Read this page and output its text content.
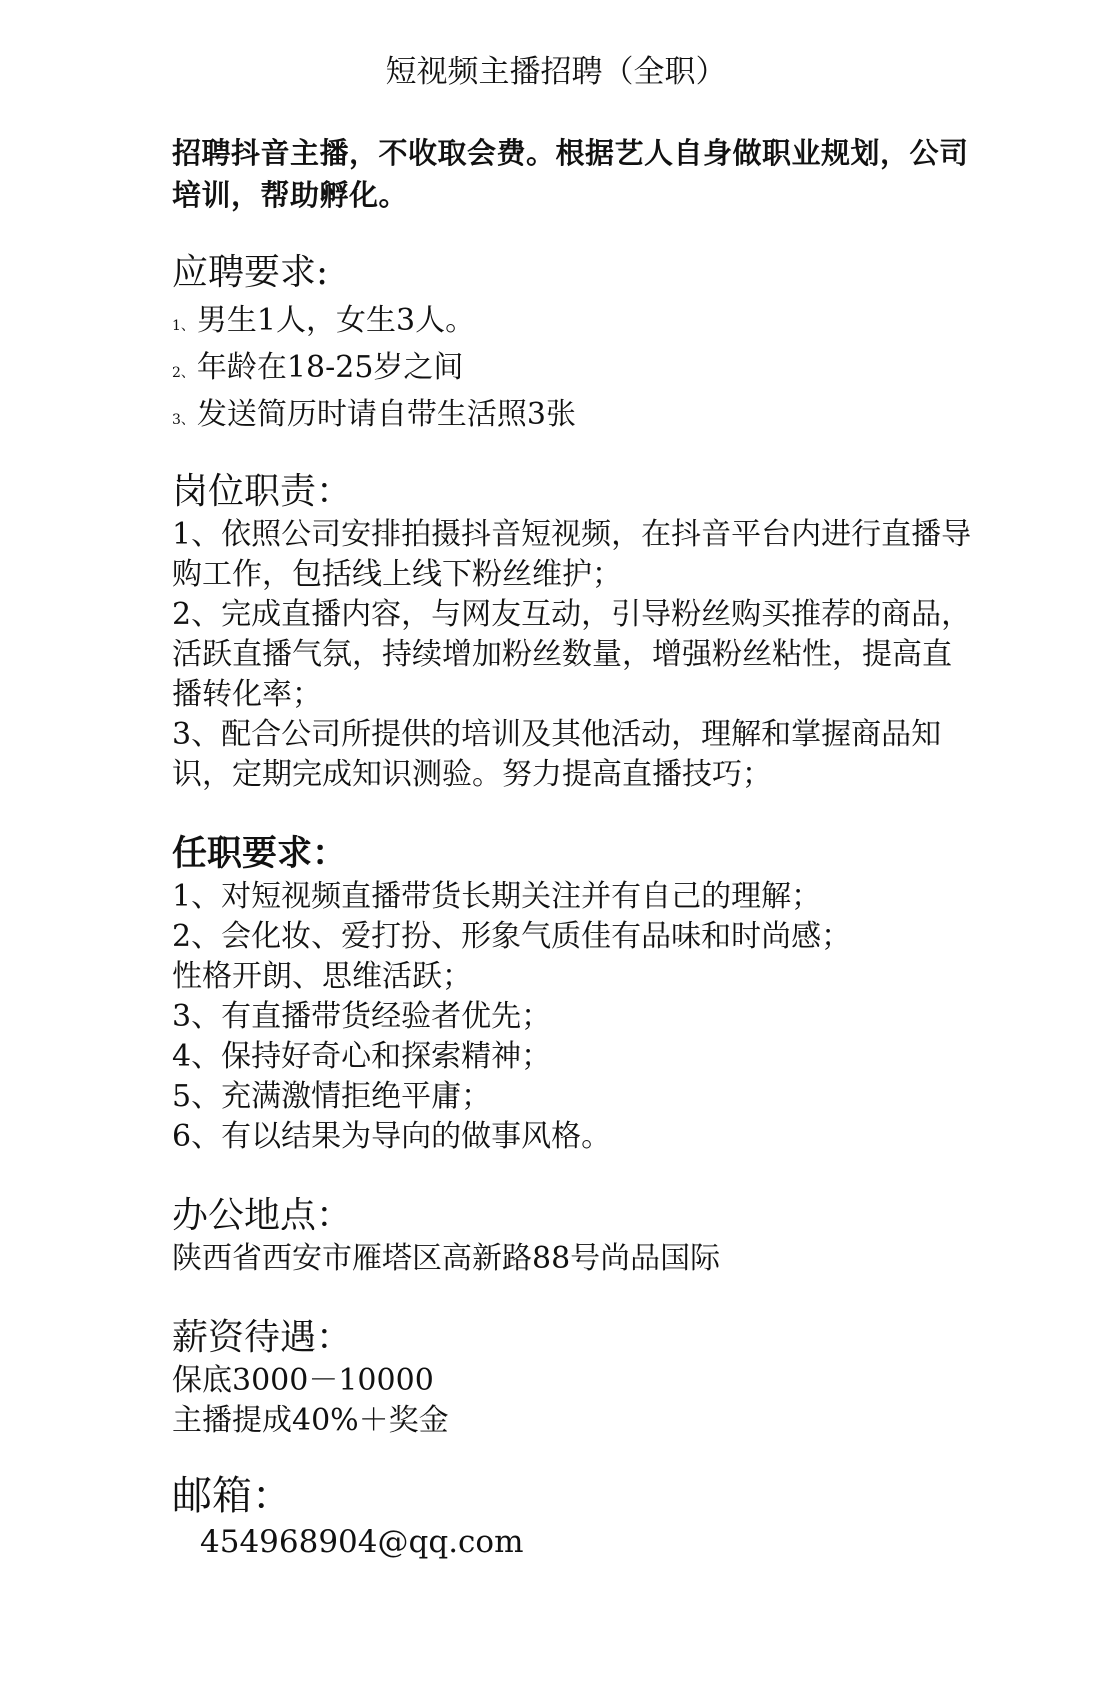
短视频主播招聘（全职）

招聘抖音主播，不收取会费。根据艺人自身做职业规划，公司培训，帮助孵化。

应聘要求:

1、男生1人，女生3人。

2、年龄在18-25岁之间

3、发送简历时请自带生活照3张

岗位职责：

1、依照公司安排拍摄抖音短视频，在抖音平台内进行直播导购工作，包括线上线下粉丝维护；

2、完成直播内容，与网友互动，引导粉丝购买推荐的商品，活跃直播气氛，持续增加粉丝数量，增强粉丝粘性，提高直播转化率；

3、配合公司所提供的培训及其他活动，理解和掌握商品知识，定期完成知识测验。努力提高直播技巧；

任职要求：

1、对短视频直播带货长期关注并有自己的理解；

2、会化妆、爱打扮、形象气质佳有品味和时尚感；

性格开朗、思维活跃；

3、有直播带货经验者优先；

4、保持好奇心和探索精神；

5、充满激情拒绝平庸；

6、有以结果为导向的做事风格。

办公地点：

陕西省西安市雁塔区高新路88号尚品国际

薪资待遇：

保底3000－10000

主播提成40%＋奖金

邮箱：

454968904@qq.com
